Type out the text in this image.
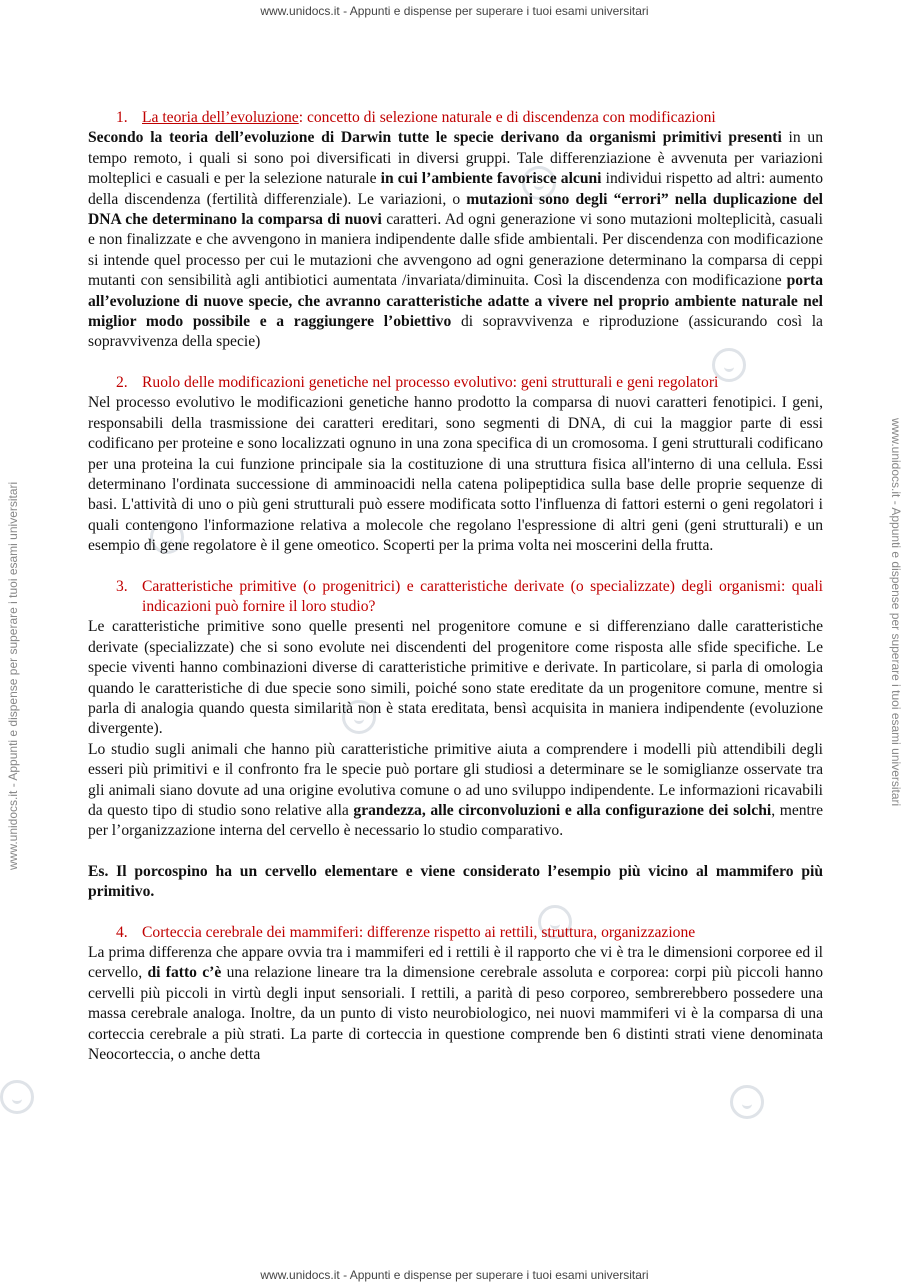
www.unidocs.it - Appunti e dispense per superare i tuoi esami universitari
www.unidocs.it - Appunti e dispense per superare i tuoi esami universitari
www.unidocs.it - Appunti e dispense per superare i tuoi esami universitari	www.unidocs.it - Appunti e dispense per superare i tuoi esami universitari

1. La teoria dell’evoluzione: concetto di selezione naturale e di discendenza con modificazioni

Secondo la teoria dell’evoluzione di Darwin tutte le specie derivano da organismi primitivi presenti in un tempo remoto, i quali si sono poi diversificati in diversi gruppi. Tale differenziazione è avvenuta per variazioni molteplici e casuali e per la selezione naturale in cui l’ambiente favorisce alcuni individui rispetto ad altri: aumento della discendenza (fertilità differenziale). Le variazioni, o mutazioni sono degli “errori” nella duplicazione del DNA che determinano la comparsa di nuovi caratteri. Ad ogni generazione vi sono mutazioni molteplicità, casuali e non finalizzate e che avvengono in maniera indipendente dalle sfide ambientali. Per discendenza con modificazione si intende quel processo per cui le mutazioni che avvengono ad ogni generazione determinano la comparsa di ceppi mutanti con sensibilità agli antibiotici aumentata /invariata/diminuita. Così la discendenza con modificazione porta all’evoluzione di nuove specie, che avranno caratteristiche adatte a vivere nel proprio ambiente naturale nel miglior modo possibile e a raggiungere l’obiettivo di sopravvivenza e riproduzione (assicurando così la sopravvivenza della specie)

2. Ruolo delle modificazioni genetiche nel processo evolutivo: geni strutturali e geni regolatori

Nel processo evolutivo le modificazioni genetiche hanno prodotto la comparsa di nuovi caratteri fenotipici. I geni, responsabili della trasmissione dei caratteri ereditari, sono segmenti di DNA, di cui la maggior parte di essi codificano per proteine e sono localizzati ognuno in una zona specifica di un cromosoma. I geni strutturali codificano per una proteina la cui funzione principale sia la costituzione di una struttura fisica all'interno di una cellula. Essi determinano l'ordinata successione di amminoacidi nella catena polipeptidica sulla base delle proprie sequenze di basi. L'attività di uno o più geni strutturali può essere modificata sotto l'influenza di fattori esterni o geni regolatori i quali contengono l'informazione relativa a molecole che regolano l'espressione di altri geni (geni strutturali) e un esempio di gene regolatore è il gene omeotico. Scoperti per la prima volta nei moscerini della frutta.

3. Caratteristiche primitive (o progenitrici) e caratteristiche derivate (o specializzate) degli organismi: quali indicazioni può fornire il loro studio?

Le caratteristiche primitive sono quelle presenti nel progenitore comune e si differenziano dalle caratteristiche derivate (specializzate) che si sono evolute nei discendenti del progenitore come risposta alle sfide specifiche. Le specie viventi hanno combinazioni diverse di caratteristiche primitive e derivate. In particolare, si parla di omologia quando le caratteristiche di due specie sono simili, poiché sono state ereditate da un progenitore comune, mentre si parla di analogia quando questa similarità non è stata ereditata, bensì acquisita in maniera indipendente (evoluzione divergente).

Lo studio sugli animali che hanno più caratteristiche primitive aiuta a comprendere i modelli più attendibili degli esseri più primitivi e il confronto fra le specie può portare gli studiosi a determinare se le somiglianze osservate tra gli animali siano dovute ad una origine evolutiva comune o ad uno sviluppo indipendente. Le informazioni ricavabili da questo tipo di studio sono relative alla grandezza, alle circonvoluzioni e alla configurazione dei solchi, mentre per l’organizzazione interna del cervello è necessario lo studio comparativo.

Es. Il porcospino ha un cervello elementare e viene considerato l’esempio più vicino al mammifero più primitivo.

4. Corteccia cerebrale dei mammiferi: differenze rispetto ai rettili, struttura, organizzazione

La prima differenza che appare ovvia tra i mammiferi ed i rettili è il rapporto che vi è tra le dimensioni corporee ed il cervello, di fatto c’è una relazione lineare tra la dimensione cerebrale assoluta e corporea: corpi più piccoli hanno cervelli più piccoli in virtù degli input sensoriali. I rettili, a parità di peso corporeo, sembrerebbero possedere una massa cerebrale analoga. Inoltre, da un punto di visto neurobiologico, nei nuovi mammiferi vi è la comparsa di una corteccia cerebrale a più strati. La parte di corteccia in questione comprende ben 6 distinti strati viene denominata Neocorteccia, o anche detta
